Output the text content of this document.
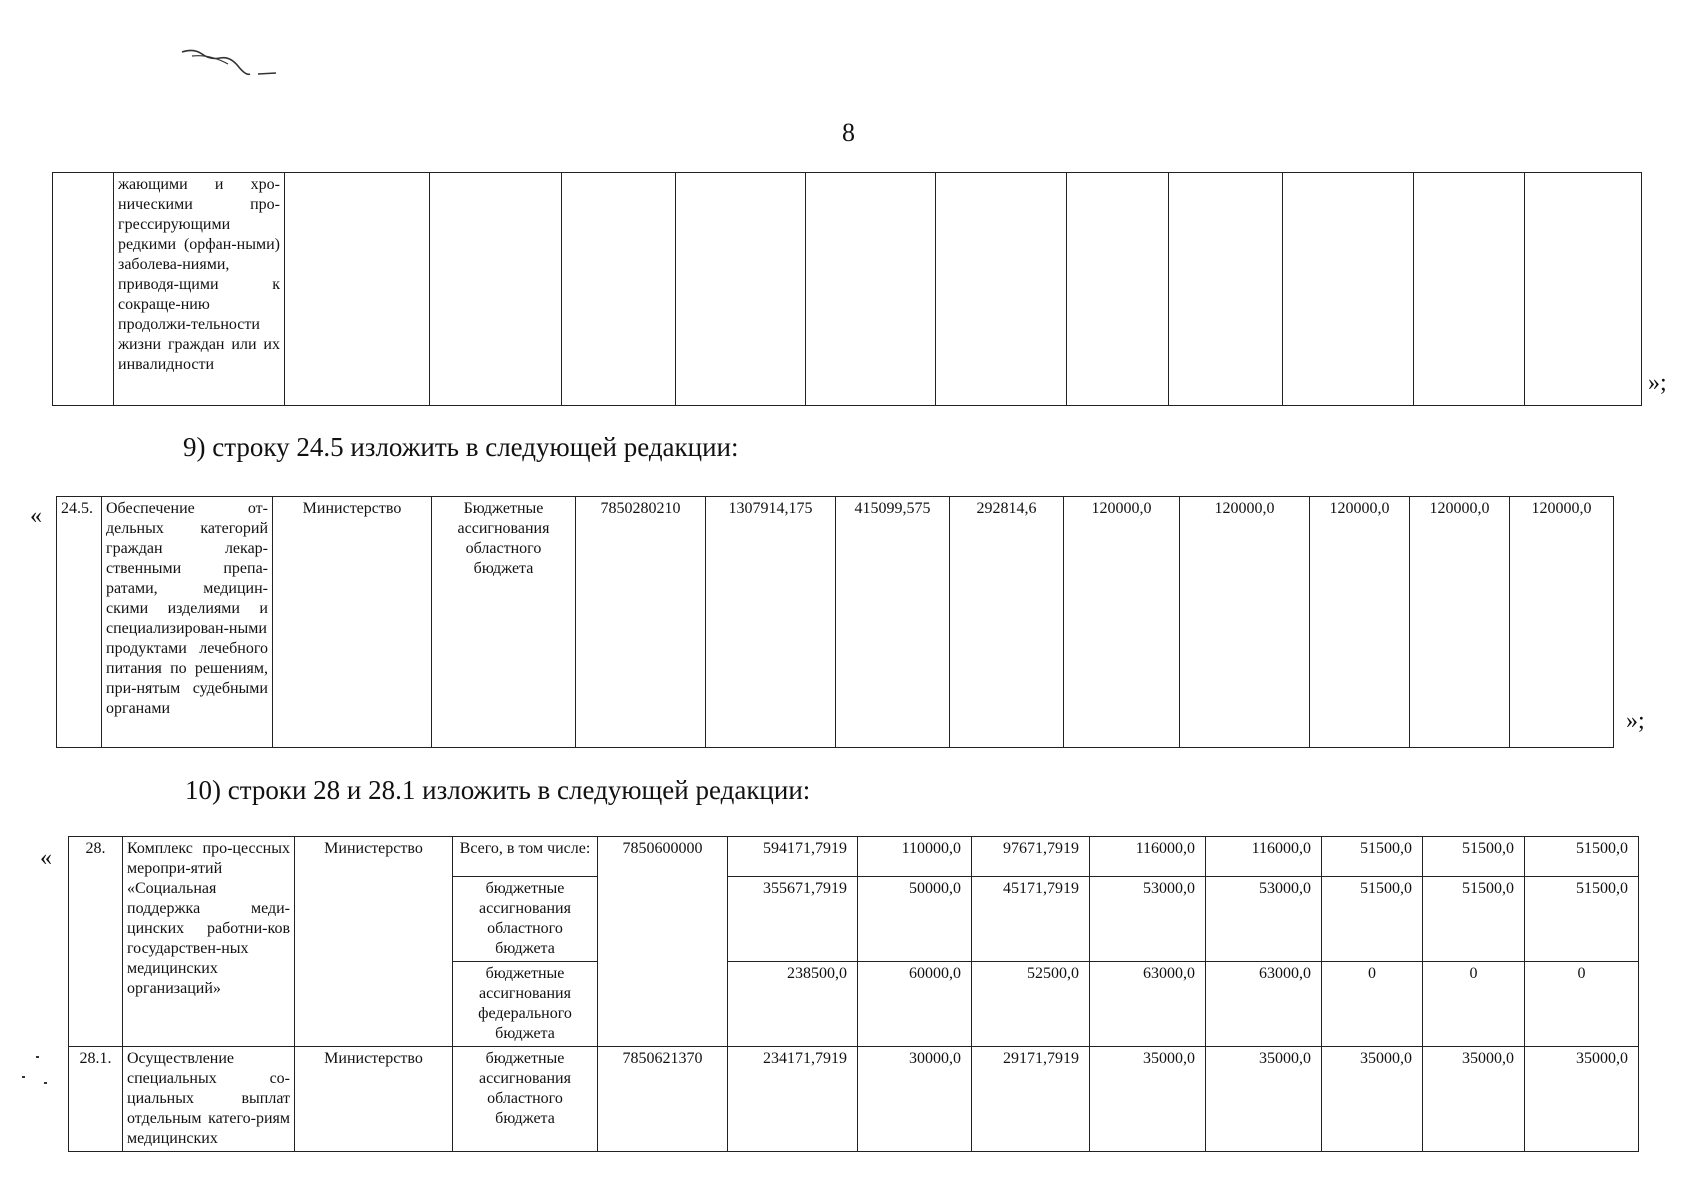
8
	жающими и хро-ническими про-грессирующими редкими (орфан-ными) заболева-ниями, приводя-щими к сокраще-нию продолжи-тельности жизни граждан или их инвалидности											
»;
9) строку 24.5 изложить в следующей редакции:
« 24.5.	Обеспечение от-дельных категорий граждан лекар-ственными препа-ратами, медицин-скими изделиями и специализирован-ными продуктами лечебного питания по решениям, при-нятым судебными органами	Министерство	Бюджетные ассигнования областного бюджета	7850280210	1307914,175	415099,575	292814,6	120000,0	120000,0	120000,0	120000,0	120000,0
»;
10) строки 28 и 28.1 изложить в следующей редакции:
« 28.	Комплекс про-цессных меропри-ятий «Социальная поддержка меди-цинских работни-ков государствен-ных медицинских организаций»	Министерство	Всего, в том числе:	7850600000	594171,7919	110000,0	97671,7919	116000,0	116000,0	51500,0	51500,0	51500,0
			бюджетные ассигнования областного бюджета		355671,7919	50000,0	45171,7919	53000,0	53000,0	51500,0	51500,0	51500,0
			бюджетные ассигнования федерального бюджета		238500,0	60000,0	52500,0	63000,0	63000,0	0	0	0
28.1.	Осуществление специальных со-циальных выплат отдельным катего-риям медицинских	Министерство	бюджетные ассигнования областного бюджета	7850621370	234171,7919	30000,0	29171,7919	35000,0	35000,0	35000,0	35000,0	35000,0
